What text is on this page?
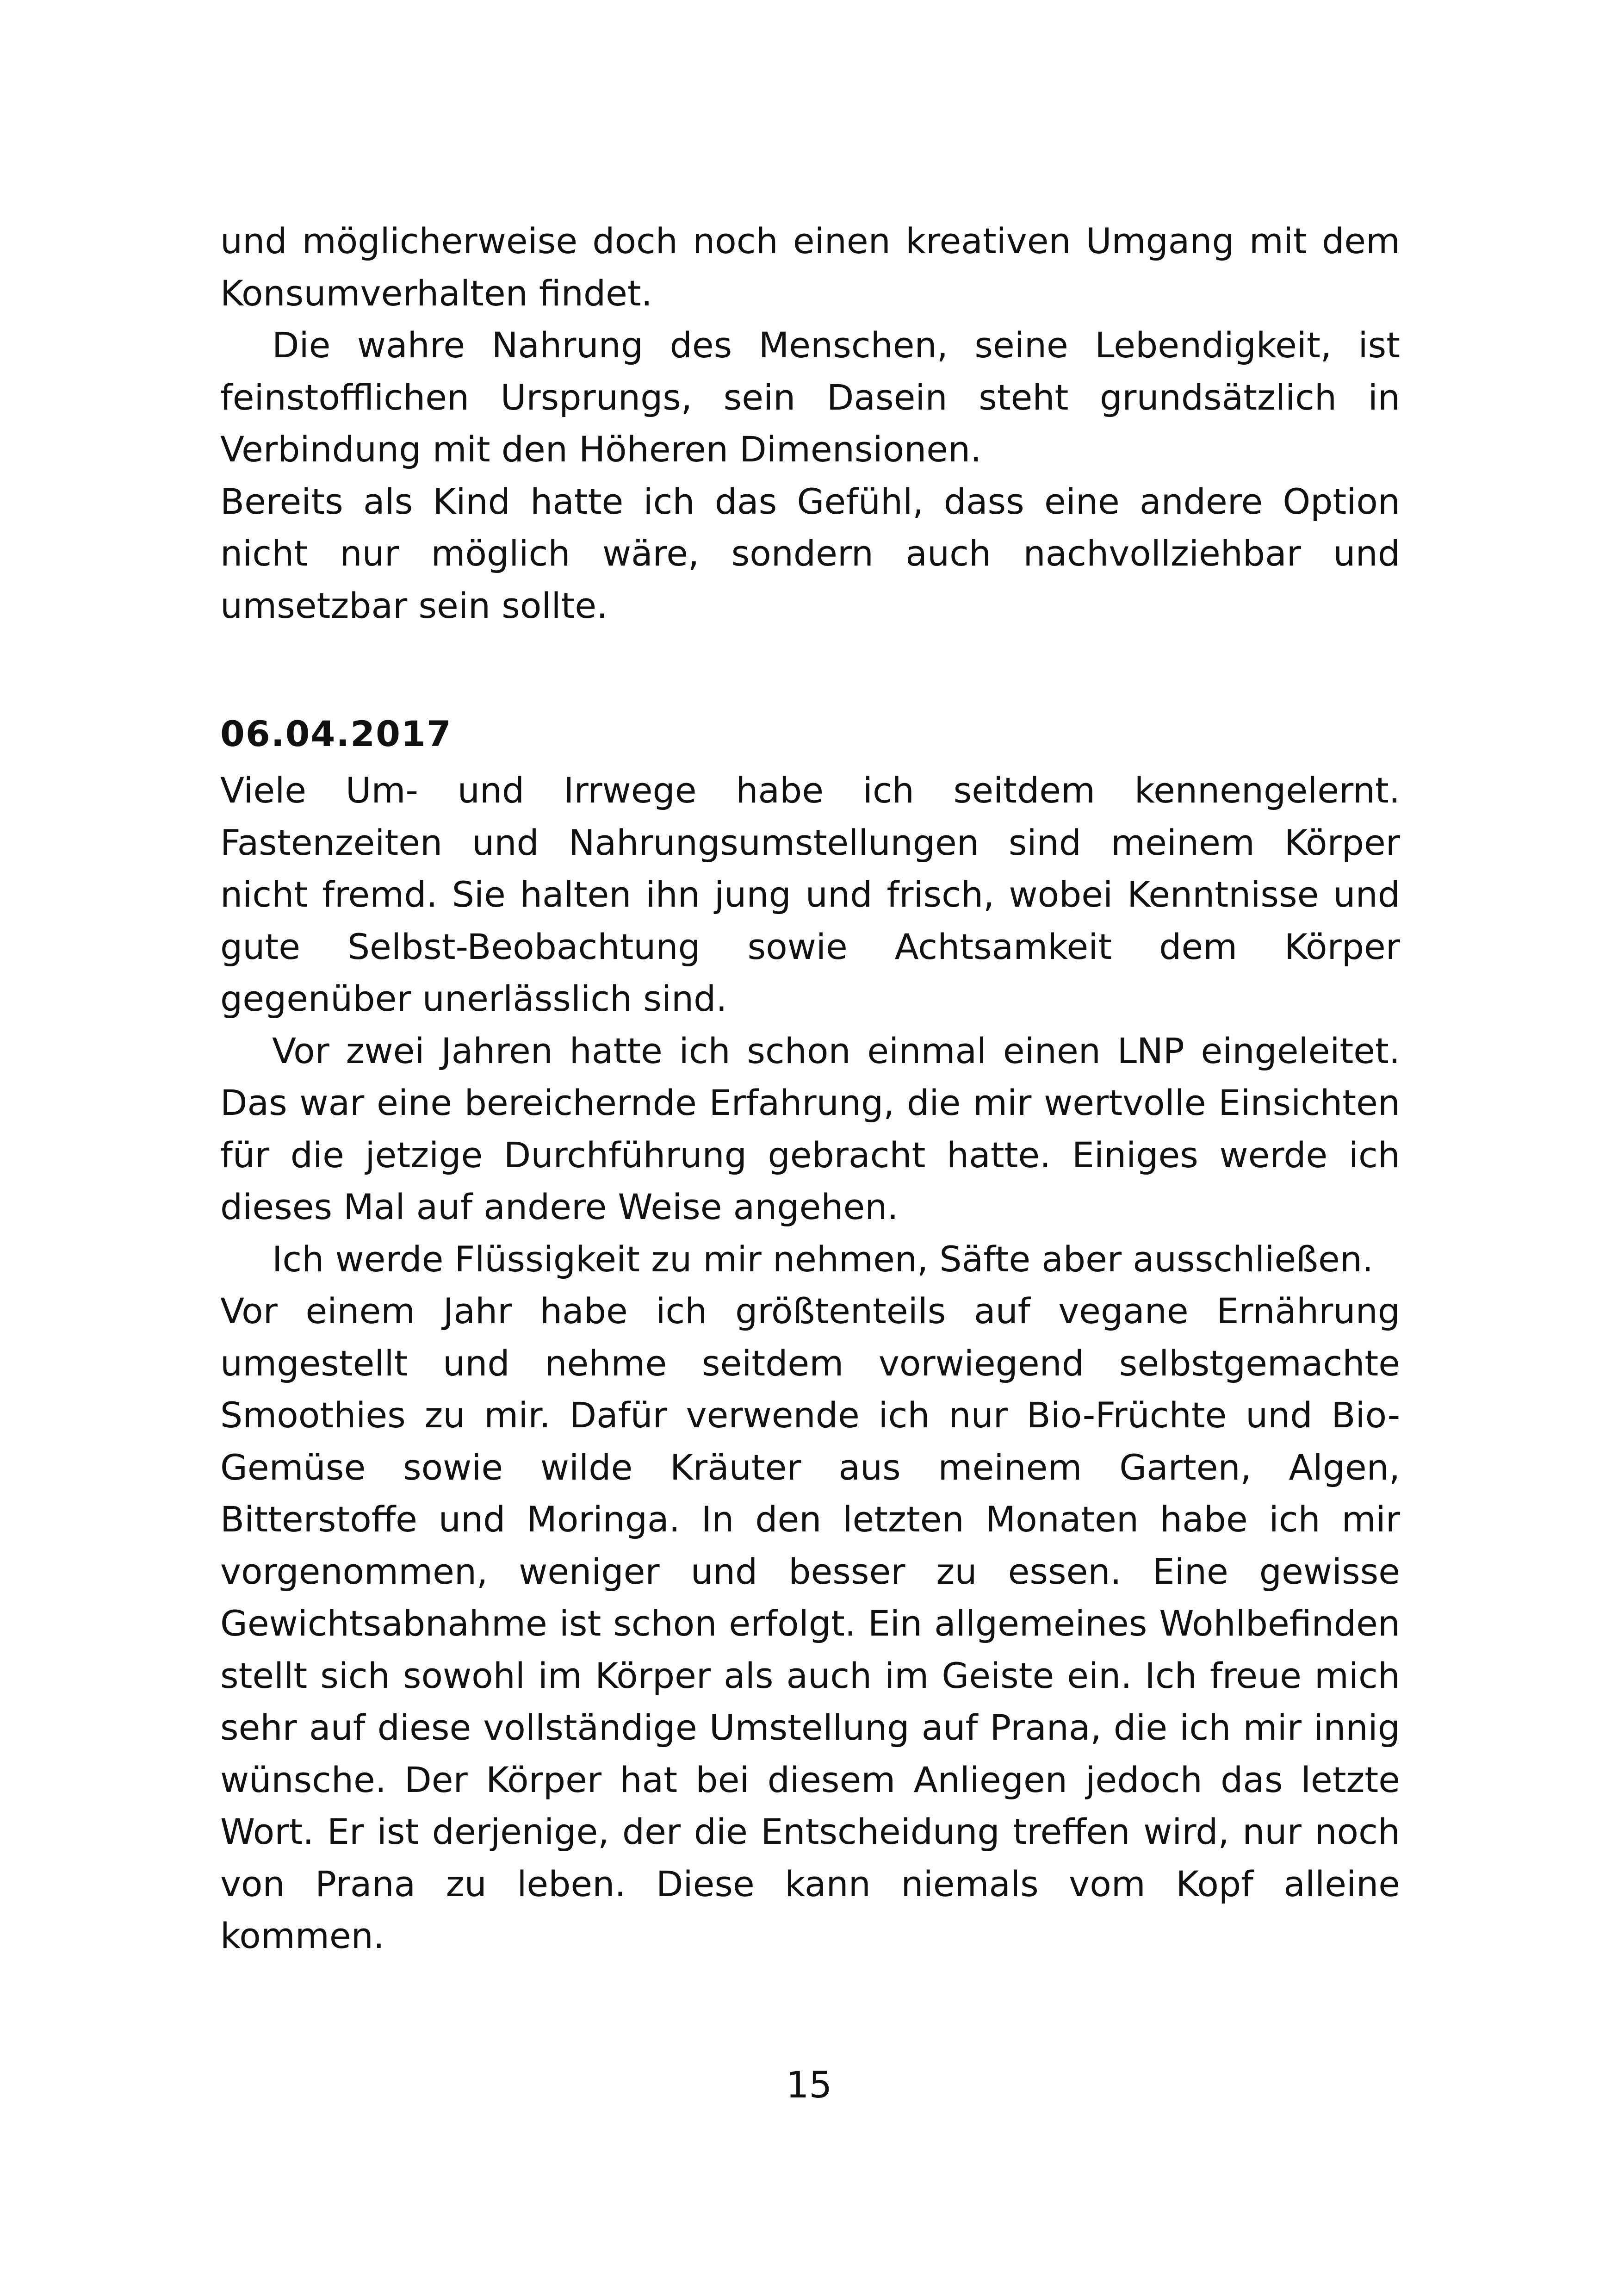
und möglicherweise doch noch einen kreativen Umgang mit dem Konsumverhalten findet.

Die wahre Nahrung des Menschen, seine Lebendigkeit, ist feinstofflichen Ursprungs, sein Dasein steht grundsätzlich in Verbindung mit den Höheren Dimensionen.

Bereits als Kind hatte ich das Gefühl, dass eine andere Option nicht nur möglich wäre, sondern auch nachvollziehbar und umsetzbar sein sollte.

06.04.2017

Viele Um- und Irrwege habe ich seitdem kennengelernt. Fastenzeiten und Nahrungsumstellungen sind meinem Körper nicht fremd. Sie halten ihn jung und frisch, wobei Kenntnisse und gute Selbst-Beobachtung sowie Achtsamkeit dem Körper gegenüber unerlässlich sind.

Vor zwei Jahren hatte ich schon einmal einen LNP eingeleitet. Das war eine bereichernde Erfahrung, die mir wertvolle Einsichten für die jetzige Durchführung gebracht hatte. Einiges werde ich dieses Mal auf andere Weise angehen.

Ich werde Flüssigkeit zu mir nehmen, Säfte aber ausschließen.

Vor einem Jahr habe ich größtenteils auf vegane Ernährung umgestellt und nehme seitdem vorwiegend selbstgemachte Smoothies zu mir. Dafür verwende ich nur Bio-Früchte und Bio-Gemüse sowie wilde Kräuter aus meinem Garten, Algen, Bitterstoffe und Moringa. In den letzten Monaten habe ich mir vorgenommen, weniger und besser zu essen. Eine gewisse Gewichtsabnahme ist schon erfolgt. Ein allgemeines Wohlbefinden stellt sich sowohl im Körper als auch im Geiste ein. Ich freue mich sehr auf diese vollständige Umstellung auf Prana, die ich mir innig wünsche. Der Körper hat bei diesem Anliegen jedoch das letzte Wort. Er ist derjenige, der die Entscheidung treffen wird, nur noch von Prana zu leben. Diese kann niemals vom Kopf alleine kommen.

15
